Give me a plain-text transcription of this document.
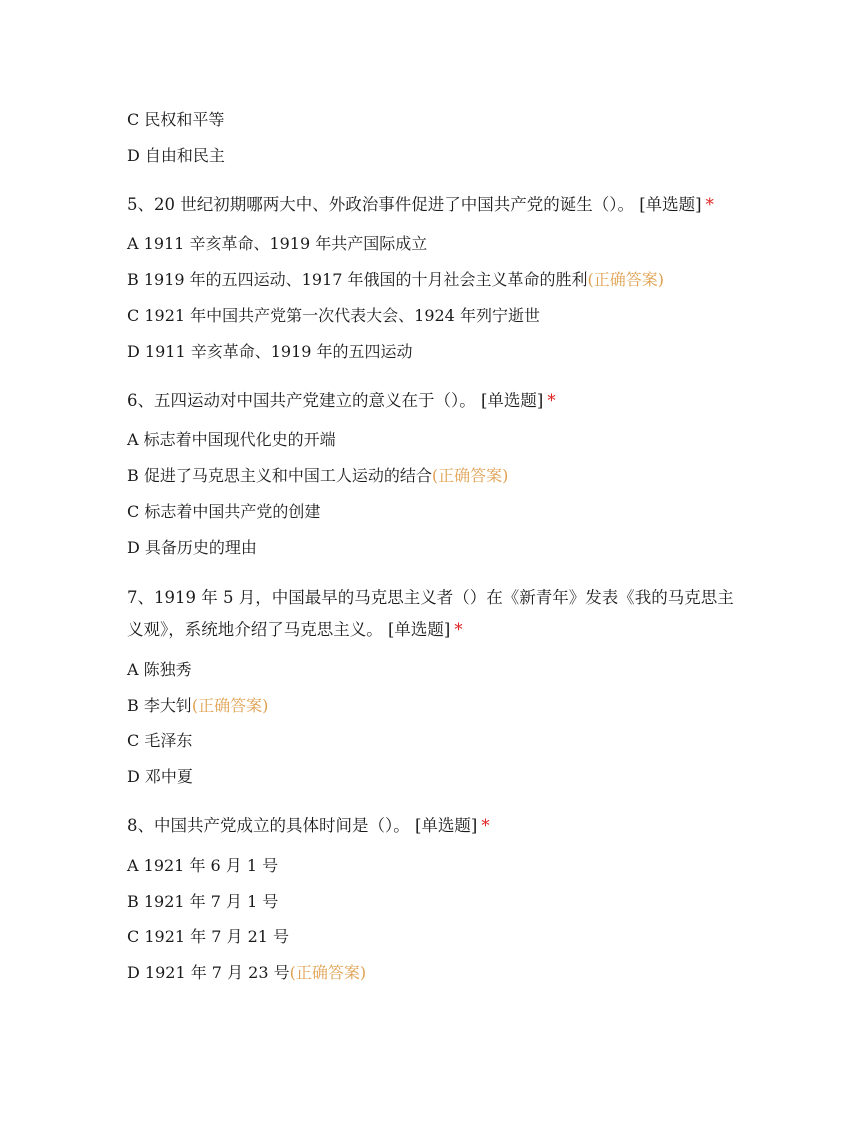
C 民权和平等
D 自由和民主
5、20 世纪初期哪两大中、外政治事件促进了中国共产党的诞生（）。 [单选题] *
A 1911 辛亥革命、1919 年共产国际成立
B 1919 年的五四运动、1917 年俄国的十月社会主义革命的胜利(正确答案)
C 1921 年中国共产党第一次代表大会、1924 年列宁逝世
D 1911 辛亥革命、1919 年的五四运动
6、五四运动对中国共产党建立的意义在于（）。 [单选题] *
A 标志着中国现代化史的开端
B 促进了马克思主义和中国工人运动的结合(正确答案)
C 标志着中国共产党的创建
D 具备历史的理由
7、1919 年 5 月，中国最早的马克思主义者（）在《新青年》发表《我的马克思主
义观》，系统地介绍了马克思主义。 [单选题] *
A 陈独秀
B 李大钊(正确答案)
C 毛泽东
D 邓中夏
8、中国共产党成立的具体时间是（）。 [单选题] *
A 1921 年 6 月 1 号
B 1921 年 7 月 1 号
C 1921 年 7 月 21 号
D 1921 年 7 月 23 号(正确答案)
